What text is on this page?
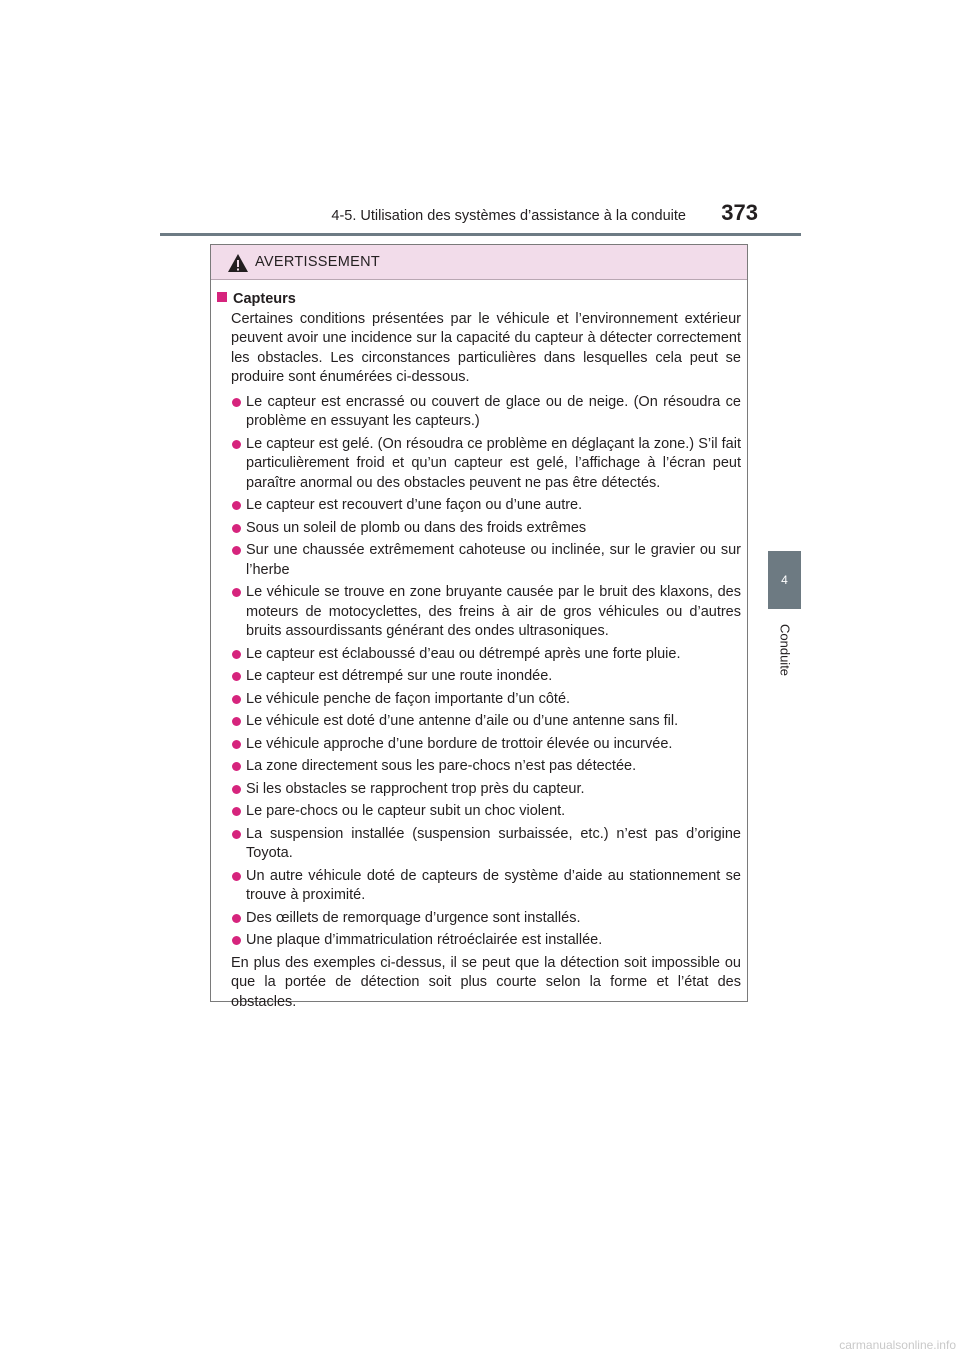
4-5. Utilisation des systèmes d’assistance à la conduite 373
4
Conduite
AVERTISSEMENT
Capteurs
Certaines conditions présentées par le véhicule et l’environnement extérieur peuvent avoir une incidence sur la capacité du capteur à détecter correctement les obstacles. Les circonstances particulières dans lesquelles cela peut se produire sont énumérées ci-dessous.
Le capteur est encrassé ou couvert de glace ou de neige. (On résoudra ce problème en essuyant les capteurs.)
Le capteur est gelé. (On résoudra ce problème en déglaçant la zone.) S’il fait particulièrement froid et qu’un capteur est gelé, l’affichage à l’écran peut paraître anormal ou des obstacles peuvent ne pas être détectés.
Le capteur est recouvert d’une façon ou d’une autre.
Sous un soleil de plomb ou dans des froids extrêmes
Sur une chaussée extrêmement cahoteuse ou inclinée, sur le gravier ou sur l’herbe
Le véhicule se trouve en zone bruyante causée par le bruit des klaxons, des moteurs de motocyclettes, des freins à air de gros véhicules ou d’autres bruits assourdissants générant des ondes ultrasoniques.
Le capteur est éclaboussé d’eau ou détrempé après une forte pluie.
Le capteur est détrempé sur une route inondée.
Le véhicule penche de façon importante d’un côté.
Le véhicule est doté d’une antenne d’aile ou d’une antenne sans fil.
Le véhicule approche d’une bordure de trottoir élevée ou incurvée.
La zone directement sous les pare-chocs n’est pas détectée.
Si les obstacles se rapprochent trop près du capteur.
Le pare-chocs ou le capteur subit un choc violent.
La suspension installée (suspension surbaissée, etc.) n’est pas d’origine Toyota.
Un autre véhicule doté de capteurs de système d’aide au stationnement se trouve à proximité.
Des œillets de remorquage d’urgence sont installés.
Une plaque d’immatriculation rétroéclairée est installée.
En plus des exemples ci-dessus, il se peut que la détection soit impossible ou que la portée de détection soit plus courte selon la forme et l’état des obstacles.
carmanualsonline.info
